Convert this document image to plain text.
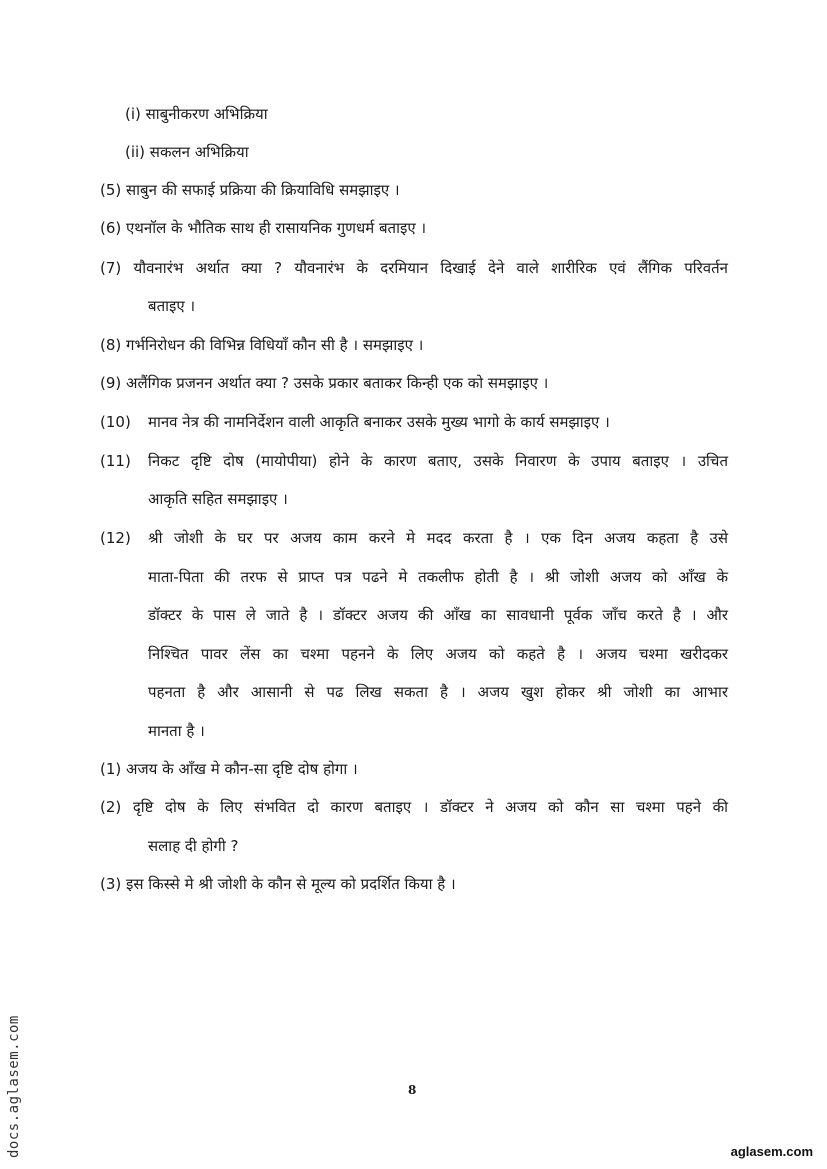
(i) साबुनीकरण अभिक्रिया
(ii) सकलन अभिक्रिया
(5) साबुन की सफाई प्रक्रिया की क्रियाविधि समझाइए ।
(6) एथनॉल के भौतिक साथ ही रासायनिक गुणधर्म बताइए ।
(7) यौवनारंभ अर्थात क्या ? यौवनारंभ के दरमियान दिखाई देने वाले शारीरिक एवं लैंगिक परिवर्तन
बताइए ।
(8) गर्भनिरोधन की विभिन्न विधियाँ कौन सी है । समझाइए ।
(9) अलैंगिक प्रजनन अर्थात क्या ? उसके प्रकार बताकर किन्ही एक को समझाइए ।
(10) मानव नेत्र की नामनिर्देशन वाली आकृति बनाकर उसके मुख्य भागो के कार्य समझाइए ।
(11) निकट दृष्टि दोष (मायोपीया) होने के कारण बताए, उसके निवारण के उपाय बताइए । उचित
आकृति सहित समझाइए ।
(12) श्री जोशी के घर पर अजय काम करने मे मदद करता है । एक दिन अजय कहता है उसे
माता-पिता की तरफ से प्राप्त पत्र पढने मे तकलीफ होती है । श्री जोशी अजय को आँख के
डॉक्टर के पास ले जाते है । डॉक्टर अजय की आँख का सावधानी पूर्वक जाँच करते है । और
निश्चित पावर लेंस का चश्मा पहनने के लिए अजय को कहते है । अजय चश्मा खरीदकर
पहनता है और आसानी से पढ लिख सकता है । अजय खुश होकर श्री जोशी का आभार
मानता है ।
(1) अजय के आँख मे कौन-सा दृष्टि दोष होगा ।
(2) दृष्टि दोष के लिए संभवित दो कारण बताइए । डॉक्टर ने अजय को कौन सा चश्मा पहने की
सलाह दी होगी ?
(3) इस किस्से मे श्री जोशी के कौन से मूल्य को प्रदर्शित किया है ।
8
docs.aglasem.com	aglasem.com
